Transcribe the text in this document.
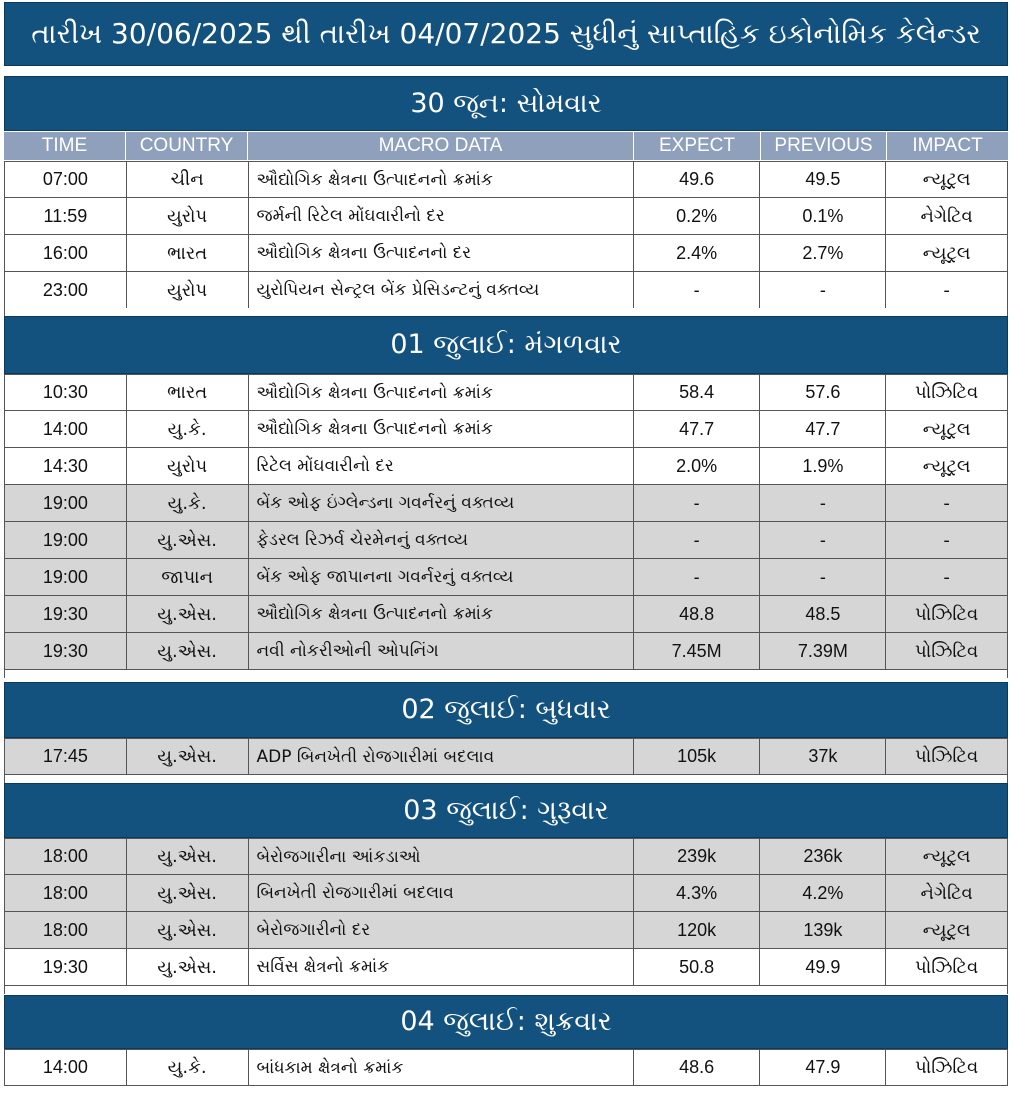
તારીખ 30/06/2025 થી તારીખ 04/07/2025 સુધીનું સાપ્તાહિક ઇકોનોમિક કેલેન્ડર
30 જૂન: સોમવાર
TIME	COUNTRY	MACRO DATA	EXPECT	PREVIOUS	IMPACT
07:00	ચીન	ઔદ્યોગિક ક્ષેત્રના ઉત્પાદનનો ક્રમાંક	49.6	49.5	ન્યૂટ્રલ
11:59	યુરોપ	જર્મની રિટેલ મોંઘવારીનો દર	0.2%	0.1%	નેગેટિવ
16:00	ભારત	ઔદ્યોગિક ક્ષેત્રના ઉત્પાદનનો દર	2.4%	2.7%	ન્યૂટ્રલ
23:00	યુરોપ	યુરોપિયન સેન્ટ્રલ બેંક પ્રેસિડન્ટનું વક્તવ્ય	-	-	-
01 જુલાઈ: મંગળવાર
10:30	ભારત	ઔદ્યોગિક ક્ષેત્રના ઉત્પાદનનો ક્રમાંક	58.4	57.6	પોઝિટિવ
14:00	યુ.કે.	ઔદ્યોગિક ક્ષેત્રના ઉત્પાદનનો ક્રમાંક	47.7	47.7	ન્યૂટ્રલ
14:30	યુરોપ	રિટેલ મોંઘવારીનો દર	2.0%	1.9%	ન્યૂટ્રલ
19:00	યુ.કે.	બેંક ઓફ ઇંગ્લેન્ડના ગવર્નરનું વક્તવ્ય	-	-	-
19:00	યુ.એસ.	ફેડરલ રિઝર્વ ચેરમેનનું વક્તવ્ય	-	-	-
19:00	જાપાન	બેંક ઓફ જાપાનના ગવર્નરનું વક્તવ્ય	-	-	-
19:30	યુ.એસ.	ઔદ્યોગિક ક્ષેત્રના ઉત્પાદનનો ક્રમાંક	48.8	48.5	પોઝિટિવ
19:30	યુ.એસ.	નવી નોકરીઓની ઓપનિંગ	7.45M	7.39M	પોઝિટિવ
02 જુલાઈ: બુધવાર
17:45	યુ.એસ.	ADP બિનખેતી રોજગારીમાં બદલાવ	105k	37k	પોઝિટિવ
03 જુલાઈ: ગુરૂવાર
18:00	યુ.એસ.	બેરોજગારીના આંકડાઓ	239k	236k	ન્યૂટ્રલ
18:00	યુ.એસ.	બિનખેતી રોજગારીમાં બદલાવ	4.3%	4.2%	નેગેટિવ
18:00	યુ.એસ.	બેરોજગારીનો દર	120k	139k	ન્યૂટ્રલ
19:30	યુ.એસ.	સર્વિસ ક્ષેત્રનો ક્રમાંક	50.8	49.9	પોઝિટિવ
04 જુલાઈ: શુક્રવાર
14:00	યુ.કે.	બાંધકામ ક્ષેત્રનો ક્રમાંક	48.6	47.9	પોઝિટિવ
